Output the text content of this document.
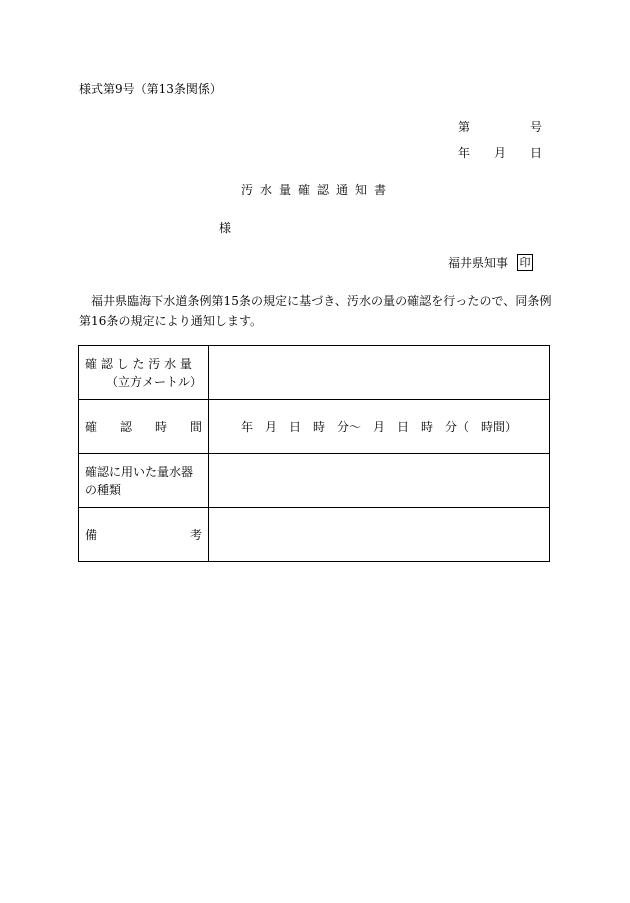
様式第9号（第13条関係）
第	号
年 月 日
汚水量確認通知書
様
福井県知事 印
福井県臨海下水道条例第15条の規定に基づき、汚水の量の確認を行ったので、同条例第16条の規定により通知します。
確 認 し た 汚 水 量
（立方メートル）	

確 認 時 間	年　月　日　時　分～　月　日　時　分（　時間）
確認に用いた量水器の種類	

備 考	
